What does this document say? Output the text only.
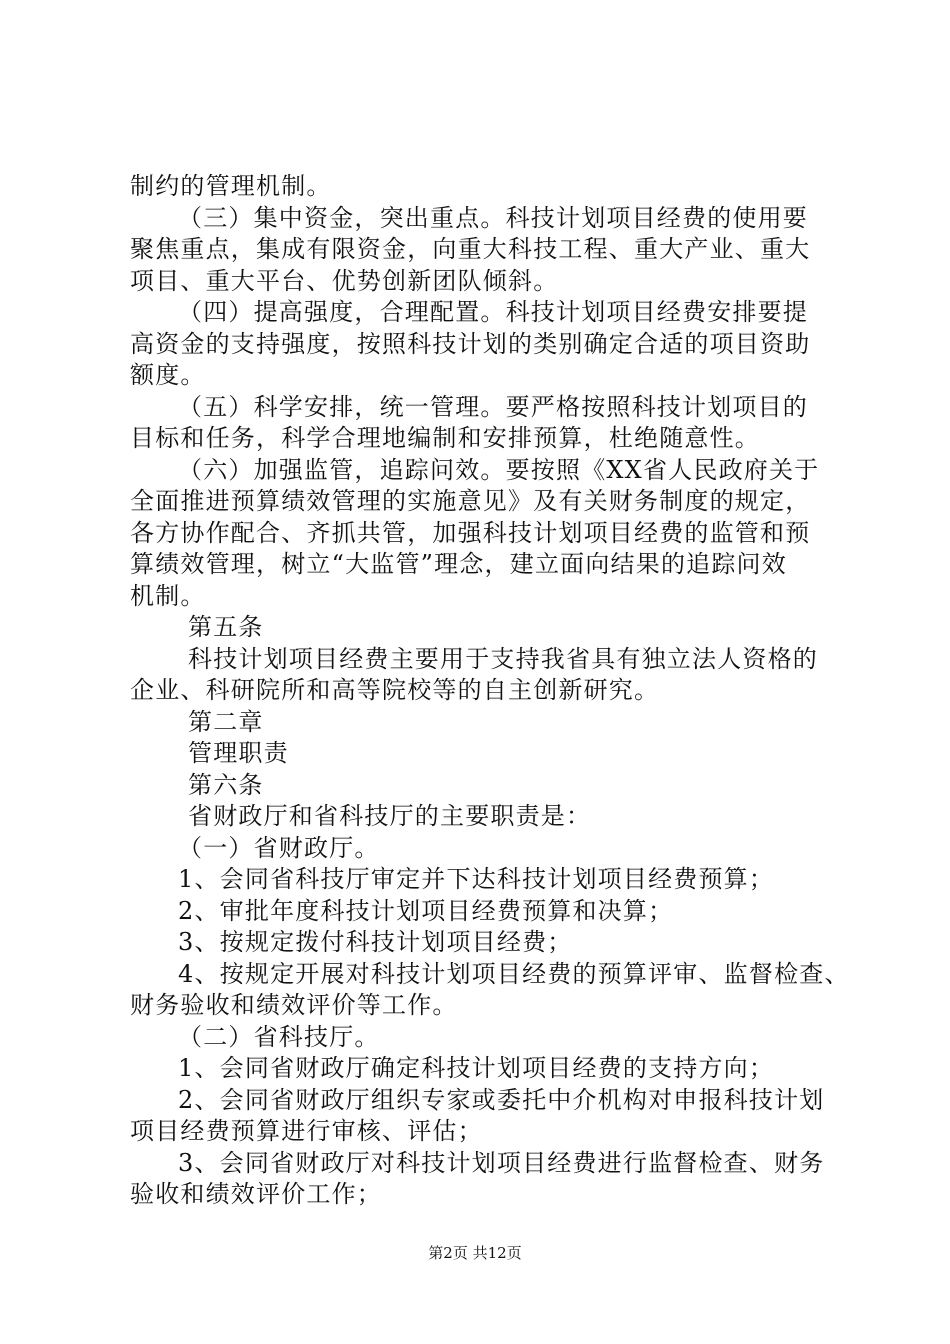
制约的管理机制。
（三）集中资金，突出重点。科技计划项目经费的使用要
聚焦重点，集成有限资金，向重大科技工程、重大产业、重大
项目、重大平台、优势创新团队倾斜。
（四）提高强度，合理配置。科技计划项目经费安排要提
高资金的支持强度，按照科技计划的类别确定合适的项目资助
额度。
（五）科学安排，统一管理。要严格按照科技计划项目的
目标和任务，科学合理地编制和安排预算，杜绝随意性。
（六）加强监管，追踪问效。要按照《XX省人民政府关于
全面推进预算绩效管理的实施意见》及有关财务制度的规定，
各方协作配合、齐抓共管，加强科技计划项目经费的监管和预
算绩效管理，树立“大监管”理念，建立面向结果的追踪问效
机制。
第五条
科技计划项目经费主要用于支持我省具有独立法人资格的
企业、科研院所和高等院校等的自主创新研究。
第二章
管理职责
第六条
省财政厅和省科技厅的主要职责是：
（一）省财政厅。
1、会同省科技厅审定并下达科技计划项目经费预算；
2、审批年度科技计划项目经费预算和决算；
3、按规定拨付科技计划项目经费；
4、按规定开展对科技计划项目经费的预算评审、监督检查、
财务验收和绩效评价等工作。
（二）省科技厅。
1、会同省财政厅确定科技计划项目经费的支持方向；
2、会同省财政厅组织专家或委托中介机构对申报科技计划
项目经费预算进行审核、评估；
3、会同省财政厅对科技计划项目经费进行监督检查、财务
验收和绩效评价工作；
第2页 共12页
